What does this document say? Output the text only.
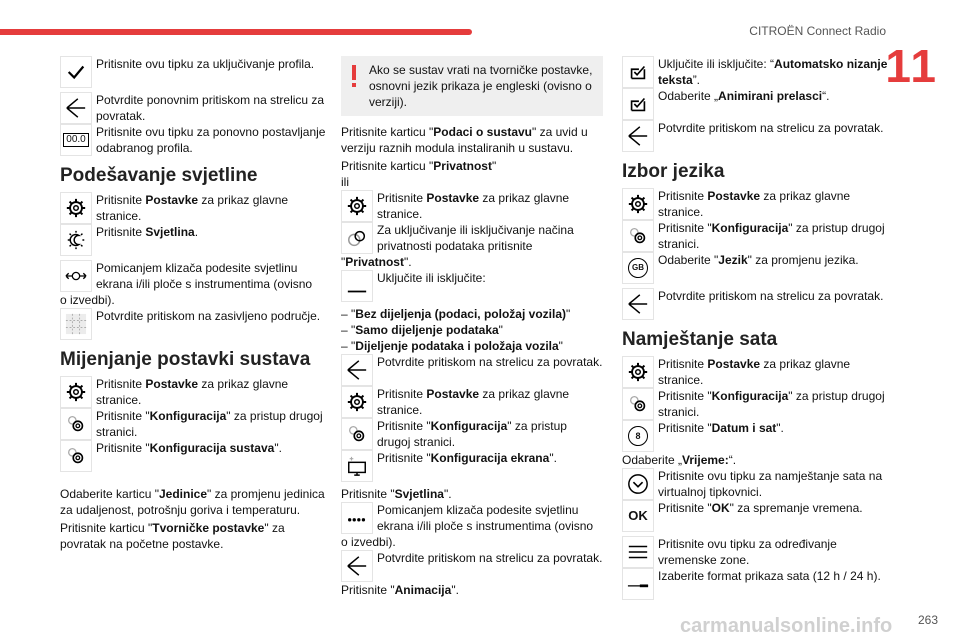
CITROËN Connect Radio
11
Pritisnite ovu tipku za uključivanje profila.
Potvrdite ponovnim pritiskom na strelicu za povratak.
00.0
Pritisnite ovu tipku za ponovno postavljanje odabranog profila.
Podešavanje svjetline
Pritisnite Postavke za prikaz glavne stranice.
Pritisnite Svjetlina.
Pomicanjem klizača podesite svjetlinu ekrana i/ili ploče s instrumentima (ovisno
o izvedbi).
Potvrdite pritiskom na zasivljeno područje.
Mijenjanje postavki sustava
Pritisnite Postavke za prikaz glavne stranice.
Pritisnite "Konfiguracija" za pristup drugoj stranici.
Pritisnite "Konfiguracija sustava".
Odaberite karticu "Jedinice" za promjenu jedinica za udaljenost, potrošnju goriva i temperaturu.
Pritisnite karticu "Tvorničke postavke" za povratak na početne postavke.
Ako se sustav vrati na tvorničke postavke, osnovni jezik prikaza je engleski (ovisno o verziji).
Pritisnite karticu "Podaci o sustavu" za uvid u verziju raznih modula instaliranih u sustavu.
Pritisnite karticu "Privatnost"
ili
Pritisnite Postavke za prikaz glavne stranice.
Za uključivanje ili isključivanje načina privatnosti podataka pritisnite
"Privatnost".
Uključite ili isključite:
– "Bez dijeljenja (podaci, položaj vozila)"
– "Samo dijeljenje podataka"
– "Dijeljenje podataka i položaja vozila"
Potvrdite pritiskom na strelicu za povratak.
Pritisnite Postavke za prikaz glavne stranice.
Pritisnite "Konfiguracija" za pristup drugoj stranici.
Pritisnite "Konfiguracija ekrana".
Pritisnite "Svjetlina".
Pomicanjem klizača podesite svjetlinu ekrana i/ili ploče s instrumentima (ovisno
o izvedbi).
Potvrdite pritiskom na strelicu za povratak.
Pritisnite "Animacija".
Uključite ili isključite: “Automatsko nizanje teksta”.
Odaberite „Animirani prelasci“.
Potvrdite pritiskom na strelicu za povratak.
Izbor jezika
Pritisnite Postavke za prikaz glavne stranice.
Pritisnite "Konfiguracija" za pristup drugoj stranici.
GB
Odaberite "Jezik" za promjenu jezika.
Potvrdite pritiskom na strelicu za povratak.
Namještanje sata
Pritisnite Postavke za prikaz glavne stranice.
Pritisnite "Konfiguracija" za pristup drugoj stranici.
8
Pritisnite "Datum i sat".
Odaberite „Vrijeme:“.
Pritisnite ovu tipku za namještanje sata na virtualnoj tipkovnici.
OK Pritisnite "OK" za spremanje vremena.
Pritisnite ovu tipku za određivanje vremenske zone.
Izaberite format prikaza sata (12 h / 24 h).
263
carmanualsonline.info
